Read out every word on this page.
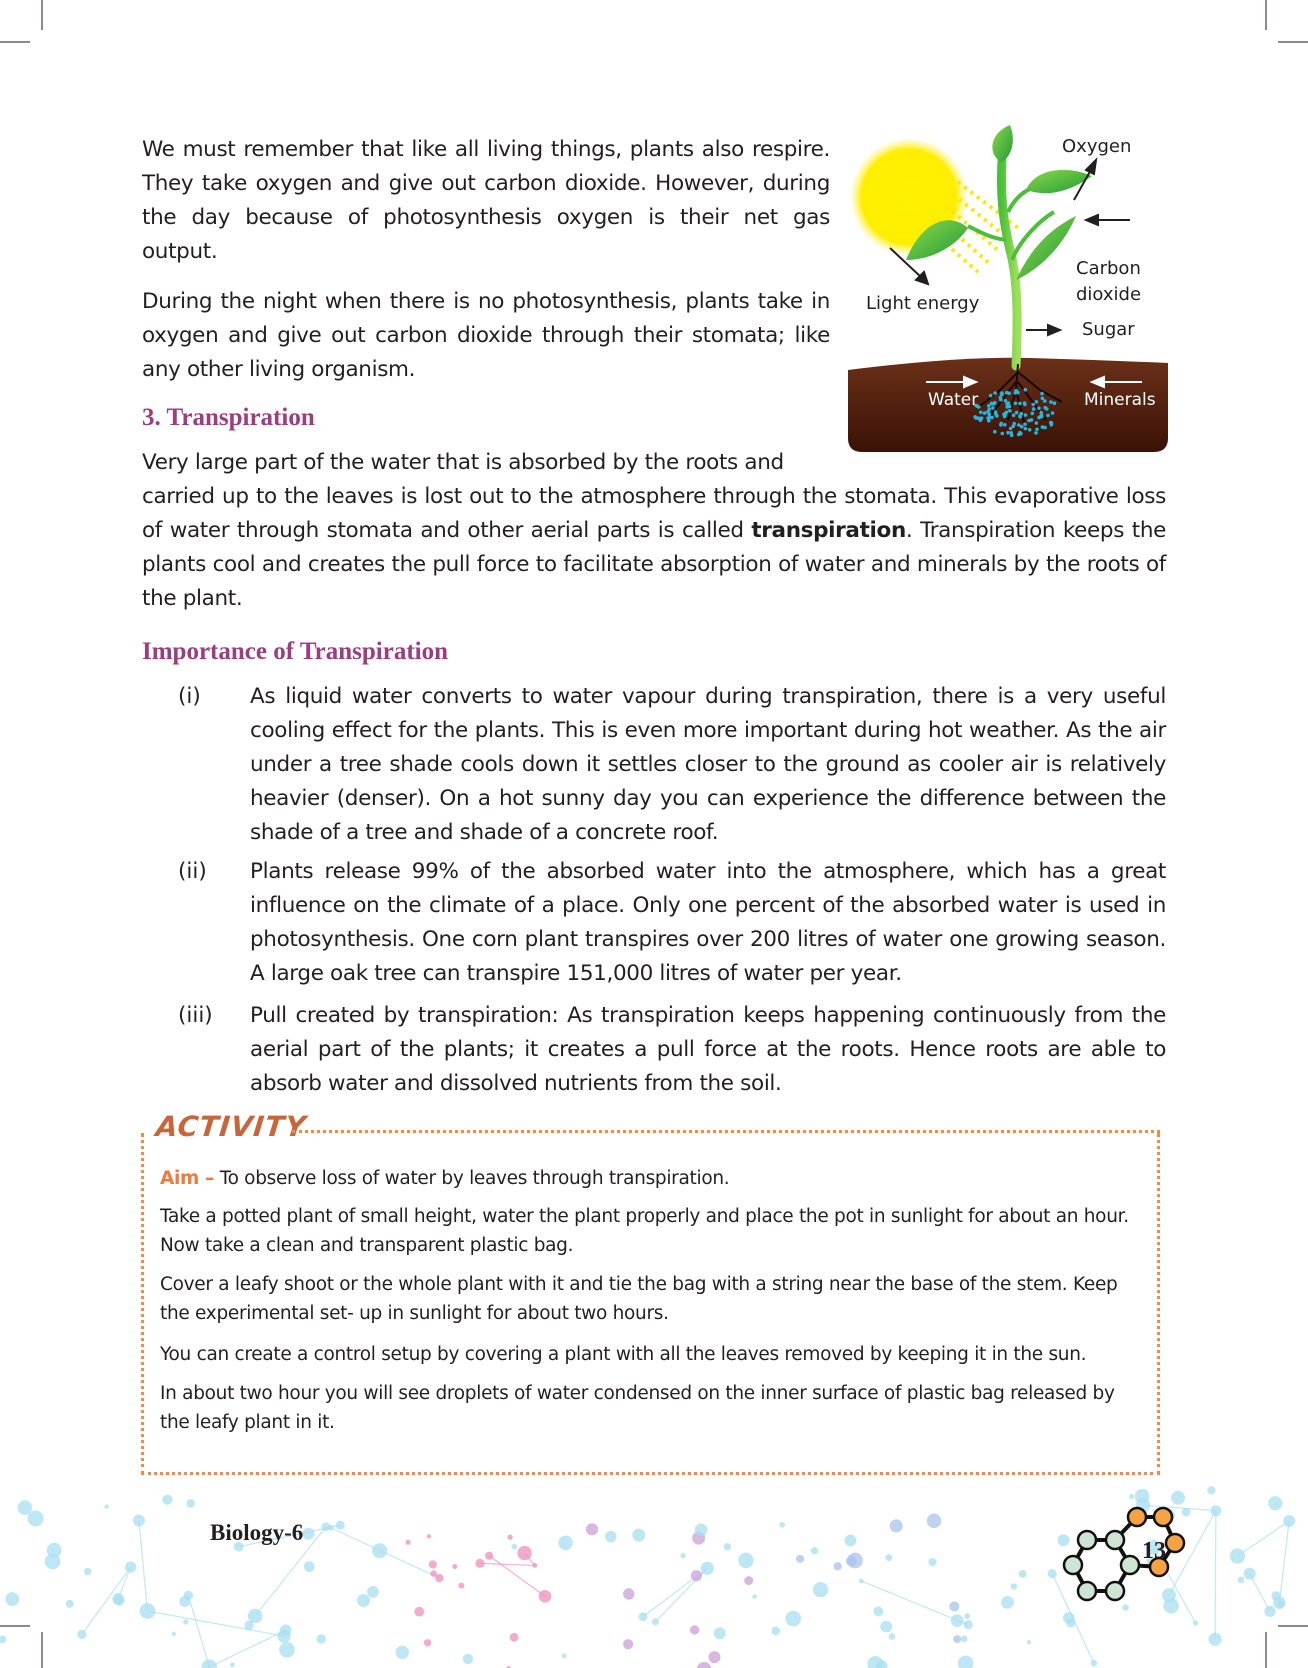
We must remember that like all living things, plants also respire. They take oxygen and give out carbon dioxide. However, during the day because of photosynthesis oxygen is their net gas output.

During the night when there is no photosynthesis, plants take in oxygen and give out carbon dioxide through their stomata; like any other living organism.

Oxygen
Carbon
dioxide
Sugar
Light energy
Water	Minerals
3. Transpiration

Very large part of the water that is absorbed by the roots and

carried up to the leaves is lost out to the atmosphere through the stomata. This evaporative loss of water through stomata and other aerial parts is called transpiration. Transpiration keeps the plants cool and creates the pull force to facilitate absorption of water and minerals by the roots of the plant.

Importance of Transpiration
(i) As liquid water converts to water vapour during transpiration, there is a very useful cooling effect for the plants. This is even more important during hot weather. As the air under a tree shade cools down it settles closer to the ground as cooler air is relatively heavier (denser). On a hot sunny day you can experience the difference between the shade of a tree and shade of a concrete roof.

(ii) Plants release 99% of the absorbed water into the atmosphere, which has a great influence on the climate of a place. Only one percent of the absorbed water is used in photosynthesis. One corn plant transpires over 200 litres of water one growing season. A large oak tree can transpire 151,000 litres of water per year.

(iii) Pull created by transpiration: As transpiration keeps happening continuously from the aerial part of the plants; it creates a pull force at the roots. Hence roots are able to absorb water and dissolved nutrients from the soil.

ACTIVITY

Aim – To observe loss of water by leaves through transpiration.

Take a potted plant of small height, water the plant properly and place the pot in sunlight for about an hour. Now take a clean and transparent plastic bag.

Cover a leafy shoot or the whole plant with it and tie the bag with a string near the base of the stem. Keep the experimental set- up in sunlight for about two hours.

You can create a control setup by covering a plant with all the leaves removed by keeping it in the sun.

In about two hour you will see droplets of water condensed on the inner surface of plastic bag released by the leafy plant in it.

Biology-6
13
